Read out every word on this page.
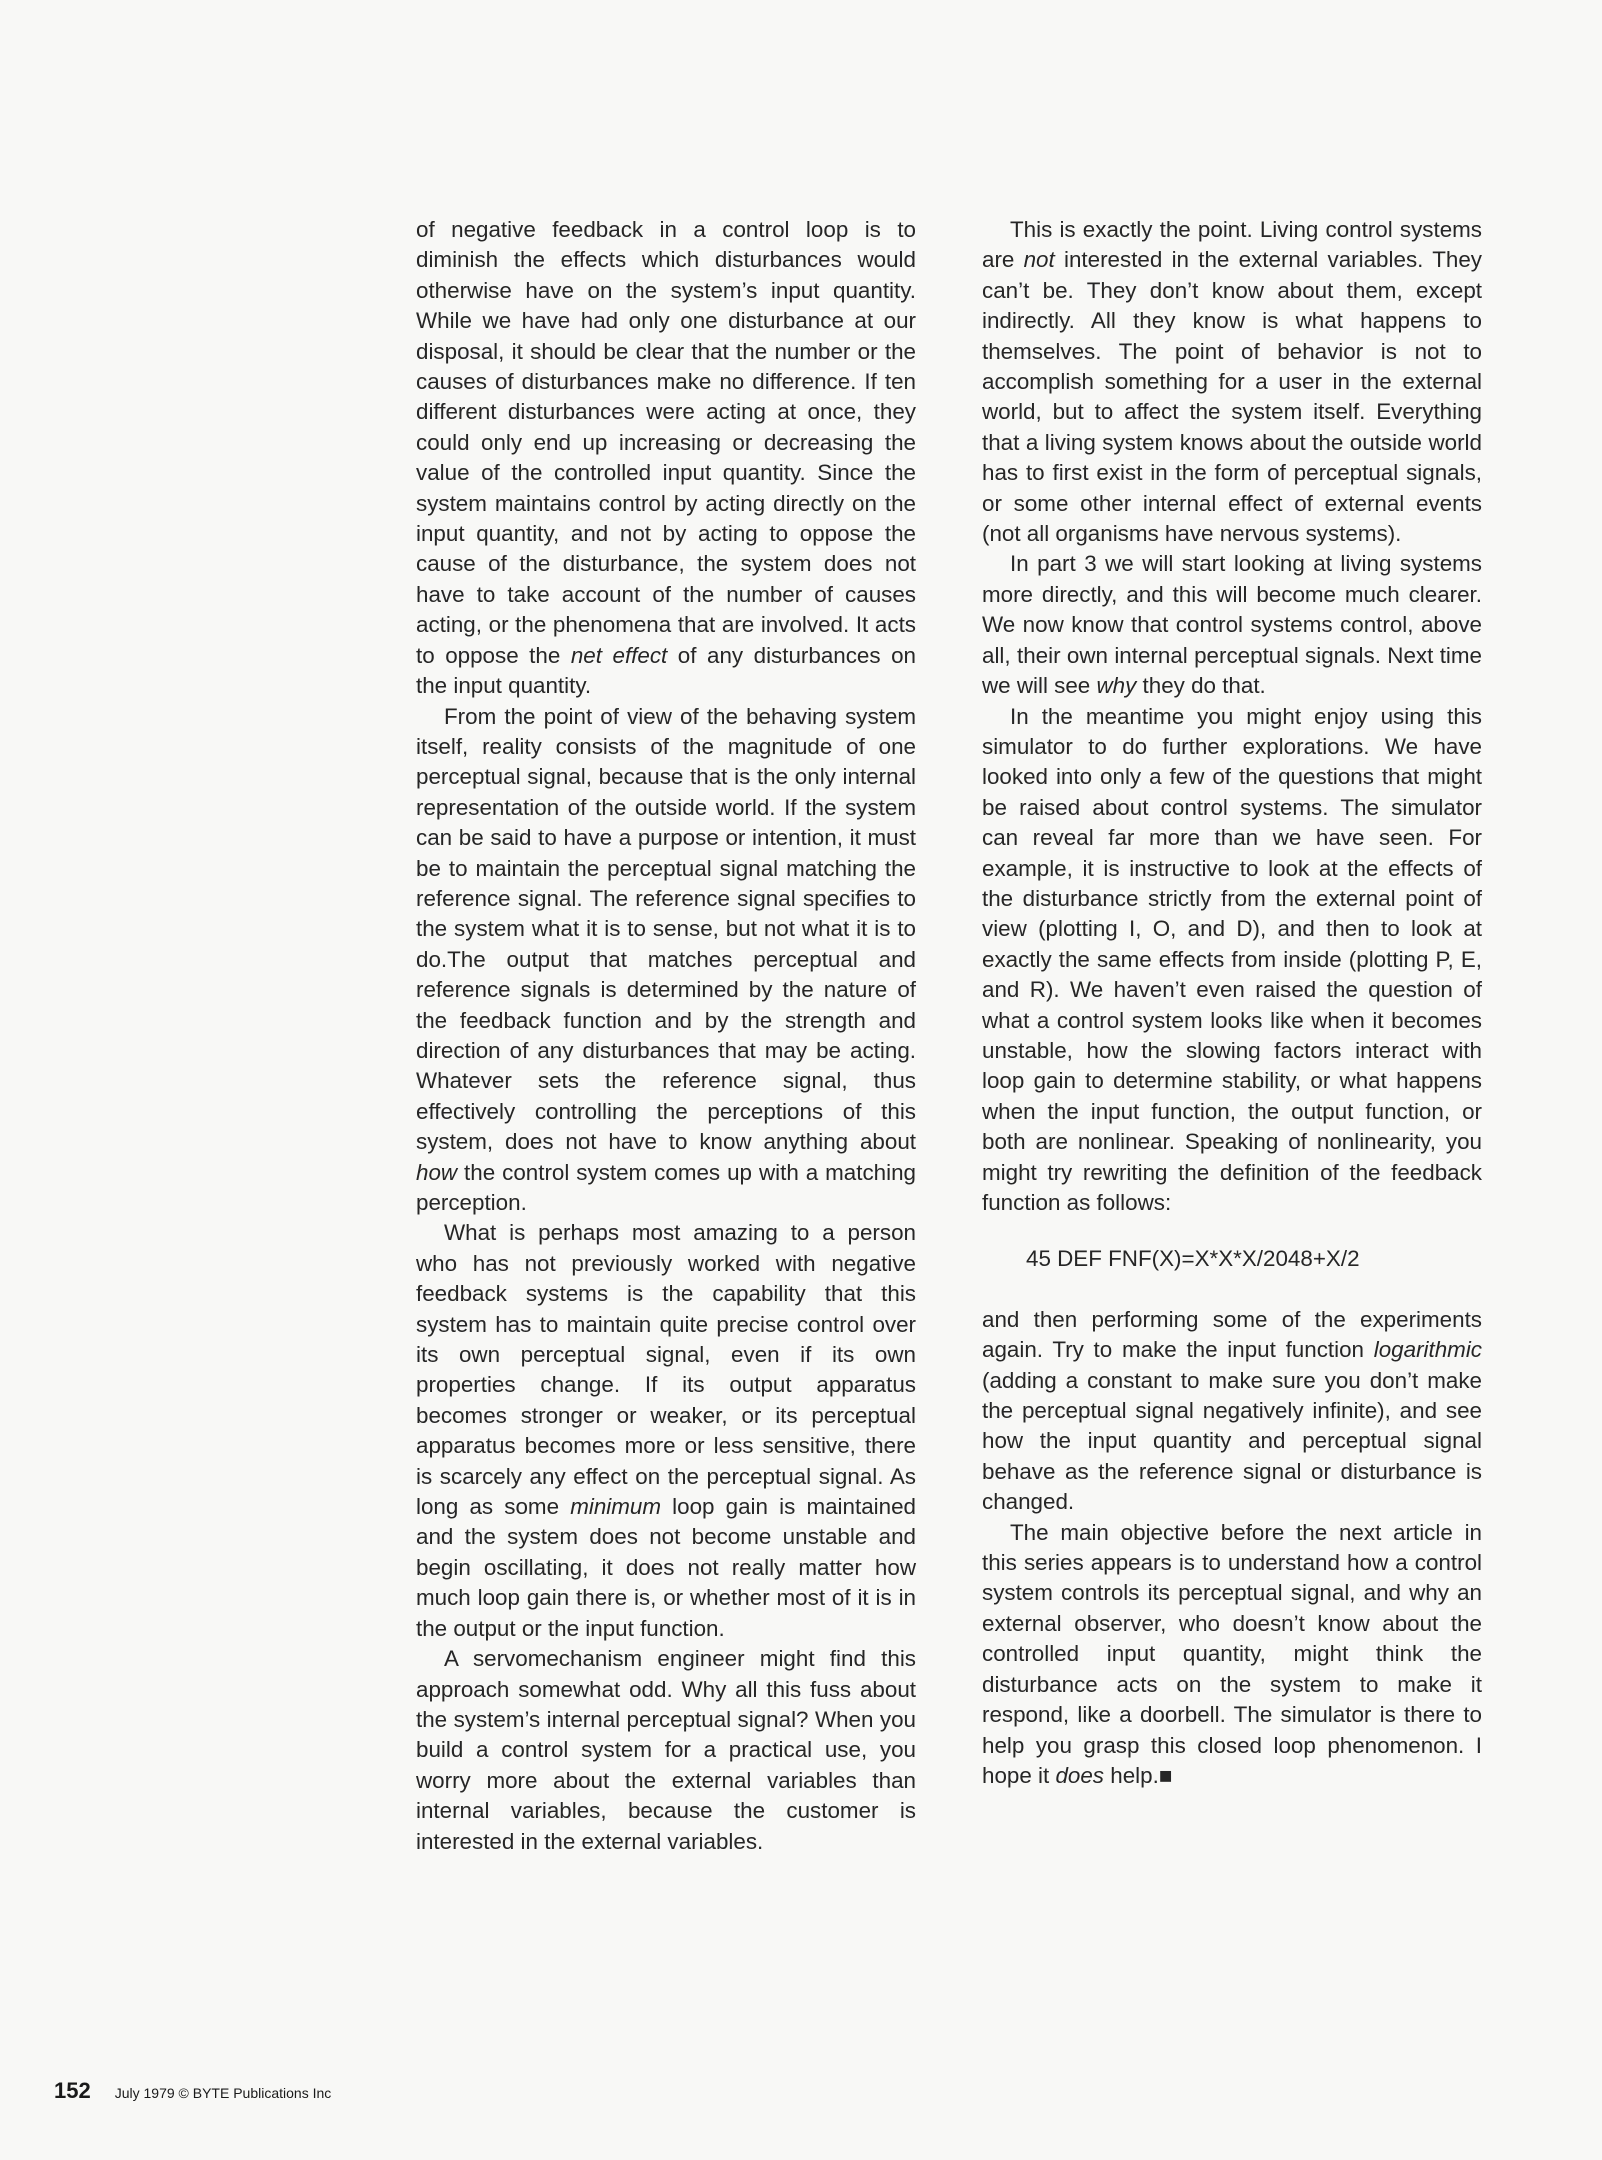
of negative feedback in a control loop is to diminish the effects which disturbances would otherwise have on the system’s input quantity. While we have had only one disturbance at our disposal, it should be clear that the number or the causes of disturbances make no difference. If ten different disturbances were acting at once, they could only end up increasing or decreasing the value of the controlled input quantity. Since the system maintains control by acting directly on the input quantity, and not by acting to oppose the cause of the disturbance, the system does not have to take account of the number of causes acting, or the phenomena that are involved. It acts to oppose the net effect of any disturbances on the input quantity.

From the point of view of the behaving system itself, reality consists of the magnitude of one perceptual signal, because that is the only internal representation of the outside world. If the system can be said to have a purpose or intention, it must be to maintain the perceptual signal matching the reference signal. The reference signal specifies to the system what it is to sense, but not what it is to do.The output that matches perceptual and reference signals is determined by the nature of the feedback function and by the strength and direction of any disturbances that may be acting. Whatever sets the reference signal, thus effectively controlling the perceptions of this system, does not have to know anything about how the control system comes up with a matching perception.

What is perhaps most amazing to a person who has not previously worked with negative feedback systems is the capability that this system has to maintain quite precise control over its own perceptual signal, even if its own properties change. If its output apparatus becomes stronger or weaker, or its perceptual apparatus becomes more or less sensitive, there is scarcely any effect on the perceptual signal. As long as some minimum loop gain is maintained and the system does not become unstable and begin oscillating, it does not really matter how much loop gain there is, or whether most of it is in the output or the input function.

A servomechanism engineer might find this approach somewhat odd. Why all this fuss about the system’s internal perceptual signal? When you build a control system for a practical use, you worry more about the external variables than internal variables, because the customer is interested in the external variables.

This is exactly the point. Living control systems are not interested in the external variables. They can’t be. They don’t know about them, except indirectly. All they know is what happens to themselves. The point of behavior is not to accomplish something for a user in the external world, but to affect the system itself. Everything that a living system knows about the outside world has to first exist in the form of perceptual signals, or some other internal effect of external events (not all organisms have nervous systems).

In part 3 we will start looking at living systems more directly, and this will become much clearer. We now know that control systems control, above all, their own internal perceptual signals. Next time we will see why they do that.

In the meantime you might enjoy using this simulator to do further explorations. We have looked into only a few of the questions that might be raised about control systems. The simulator can reveal far more than we have seen. For example, it is instructive to look at the effects of the disturbance strictly from the external point of view (plotting I, O, and D), and then to look at exactly the same effects from inside (plotting P, E, and R). We haven’t even raised the question of what a control system looks like when it becomes unstable, how the slowing factors interact with loop gain to determine stability, or what happens when the input function, the output function, or both are nonlinear. Speaking of nonlinearity, you might try rewriting the definition of the feedback function as follows:

45 DEF FNF(X)=X*X*X/2048+X/2

and then performing some of the experiments again. Try to make the input function logarithmic (adding a constant to make sure you don’t make the perceptual signal negatively infinite), and see how the input quantity and perceptual signal behave as the reference signal or disturbance is changed.

The main objective before the next article in this series appears is to understand how a control system controls its perceptual signal, and why an external observer, who doesn’t know about the controlled input quantity, might think the disturbance acts on the system to make it respond, like a doorbell. The simulator is there to help you grasp this closed loop phenomenon. I hope it does help.■

152 July 1979 © BYTE Publications Inc
